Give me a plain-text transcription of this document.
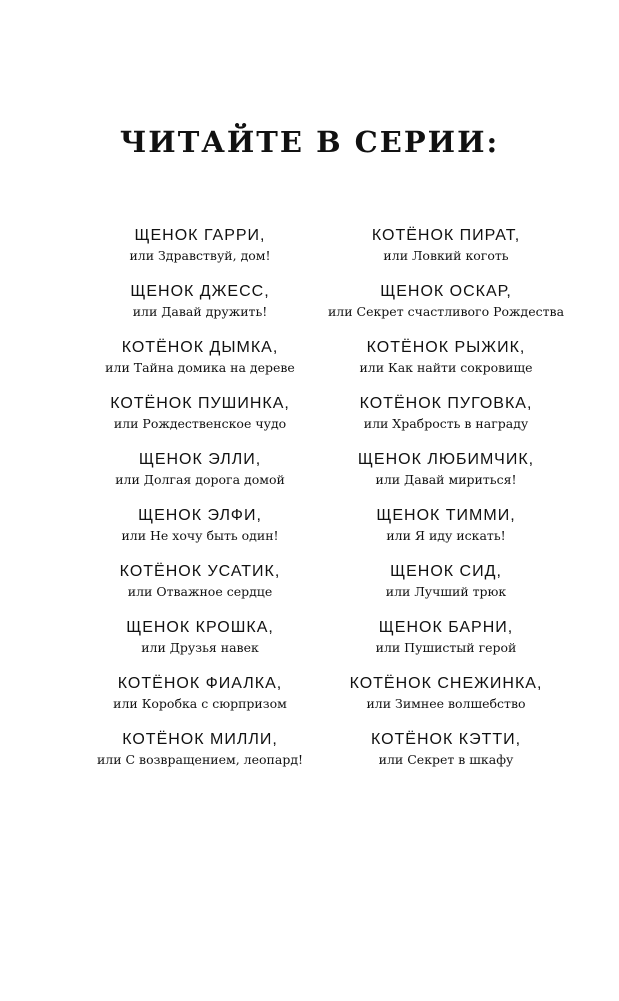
ЧИТАЙТЕ В СЕРИИ:
ЩЕНОК ГАРРИ,
или Здравствуй, дом!
ЩЕНОК ДЖЕСС,
или Давай дружить!
КОТЁНОК ДЫМКА,
или Тайна домика на дереве
КОТЁНОК ПУШИНКА,
или Рождественское чудо
ЩЕНОК ЭЛЛИ,
или Долгая дорога домой
ЩЕНОК ЭЛФИ,
или Не хочу быть один!
КОТЁНОК УСАТИК,
или Отважное сердце
ЩЕНОК КРОШКА,
или Друзья навек
КОТЁНОК ФИАЛКА,
или Коробка с сюрпризом
КОТЁНОК МИЛЛИ,
или С возвращением, леопард!
КОТЁНОК ПИРАТ,
или Ловкий коготь
ЩЕНОК ОСКАР,
или Секрет счастливого Рождества
КОТЁНОК РЫЖИК,
или Как найти сокровище
КОТЁНОК ПУГОВКА,
или Храбрость в награду
ЩЕНОК ЛЮБИМЧИК,
или Давай мириться!
ЩЕНОК ТИММИ,
или Я иду искать!
ЩЕНОК СИД,
или Лучший трюк
ЩЕНОК БАРНИ,
или Пушистый герой
КОТЁНОК СНЕЖИНКА,
или Зимнее волшебство
КОТЁНОК КЭТТИ,
или Секрет в шкафу
